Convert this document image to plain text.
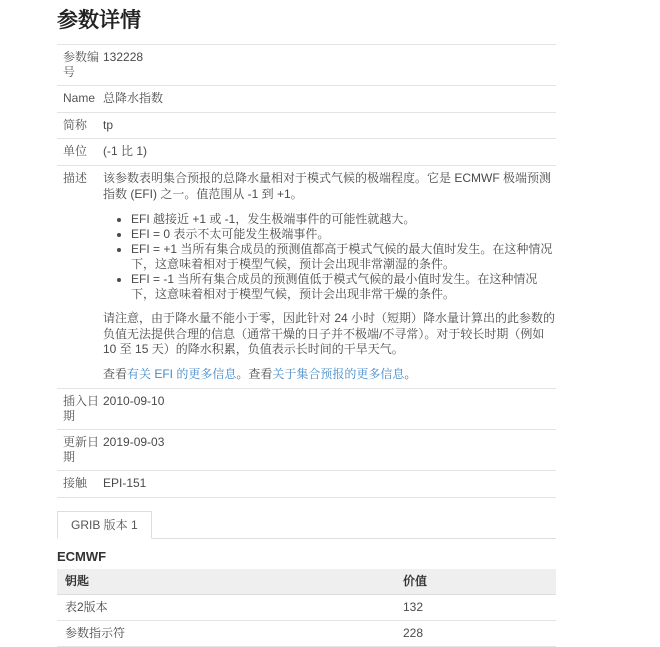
参数详情
参数编号	132228
Name	总降水指数
简称	tp
单位	(-1 比 1)
描述	该参数表明集合预报的总降水量相对于模式气候的极端程度。它是 ECMWF 极端预测指数 (EFI) 之一。值范围从 -1 到 +1。

• EFI 越接近 +1 或 -1，发生极端事件的可能性就越大。
• EFI = 0 表示不太可能发生极端事件。
• EFI = +1 当所有集合成员的预测值都高于模式气候的最大值时发生。在这种情况下，这意味着相对于模型气候，预计会出现非常潮湿的条件。
• EFI = -1 当所有集合成员的预测值低于模式气候的最小值时发生。在这种情况下，这意味着相对于模型气候，预计会出现非常干燥的条件。

请注意，由于降水量不能小于零，因此针对 24 小时（短期）降水量计算出的此参数的负值无法提供合理的信息（通常干燥的日子并不极端/不寻常）。对于较长时期（例如 10 至 15 天）的降水积累，负值表示长时间的干旱天气。

查看有关 EFI 的更多信息。查看关于集合预报的更多信息。

插入日期	2010-09-10
更新日期	2019-09-03
接触	EPI-151
GRIB 版本 1
ECMWF
钥匙	价值
表2版本	132
参数指示符	228
